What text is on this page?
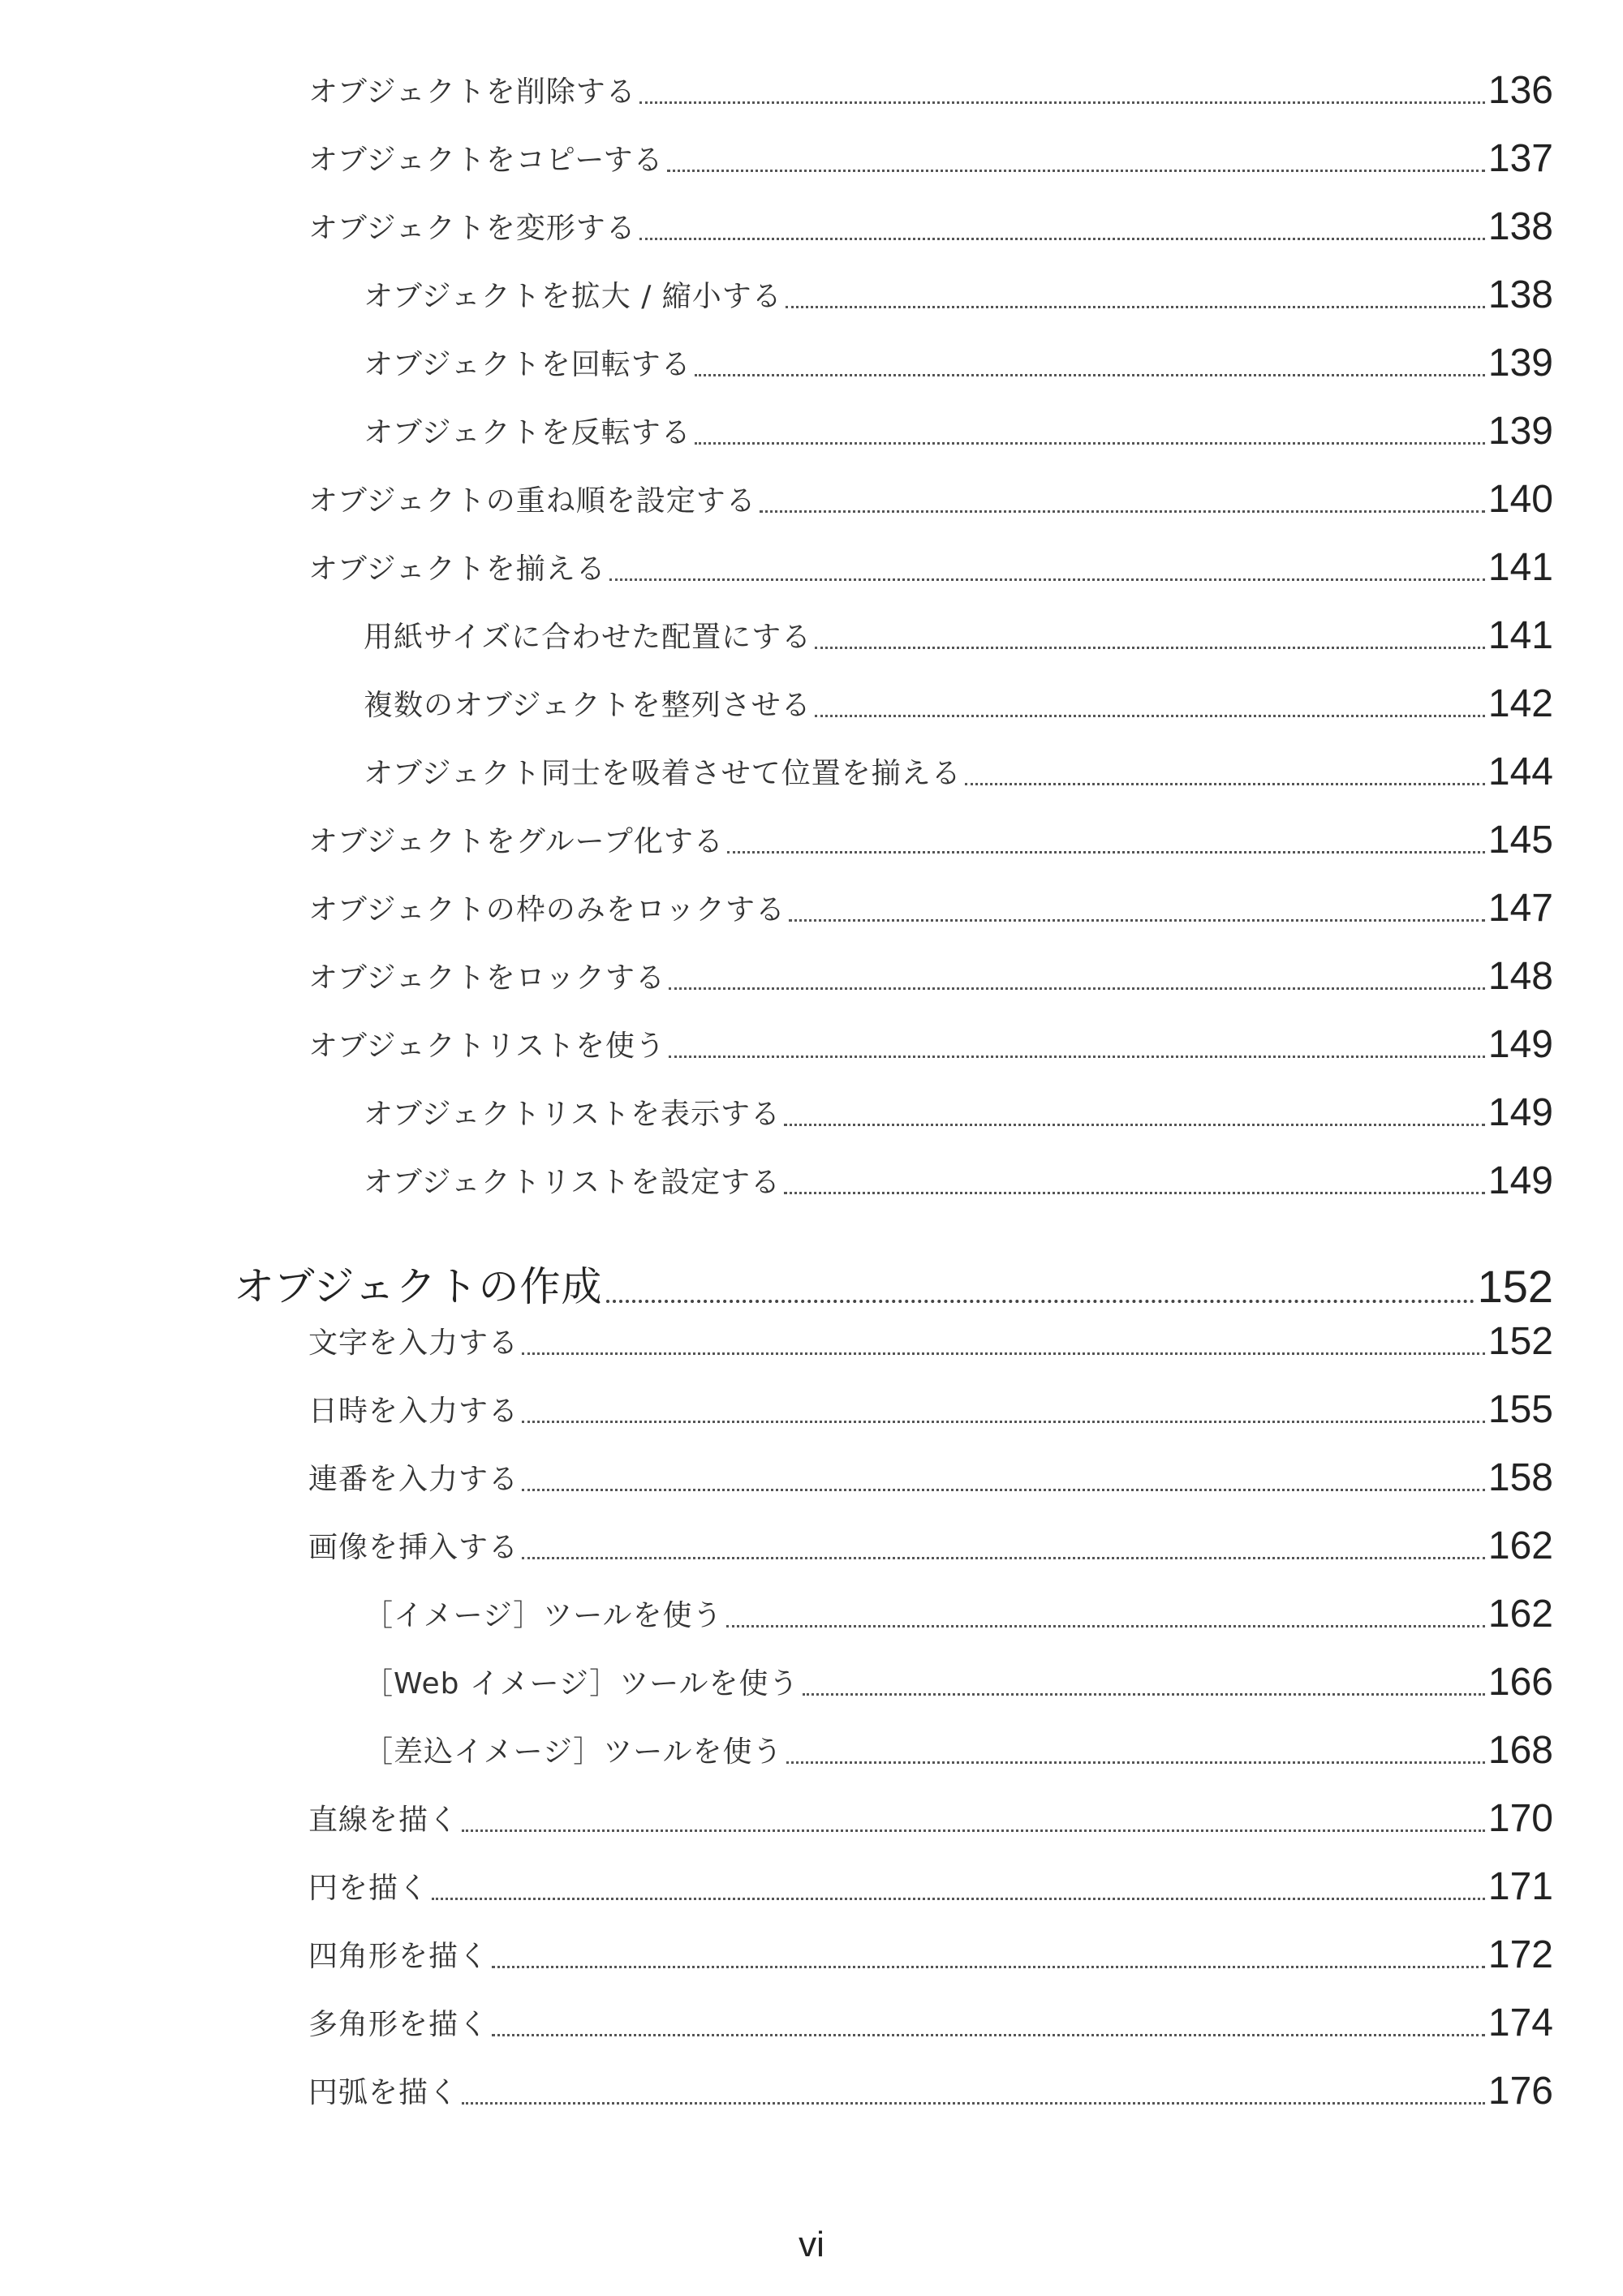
オブジェクトを削除する	136
オブジェクトをコピーする	137
オブジェクトを変形する	138
オブジェクトを拡大 / 縮小する	138
オブジェクトを回転する	139
オブジェクトを反転する	139
オブジェクトの重ね順を設定する	140
オブジェクトを揃える	141
用紙サイズに合わせた配置にする	141
複数のオブジェクトを整列させる	142
オブジェクト同士を吸着させて位置を揃える	144
オブジェクトをグループ化する	145
オブジェクトの枠のみをロックする	147
オブジェクトをロックする	148
オブジェクトリストを使う	149
オブジェクトリストを表示する	149
オブジェクトリストを設定する	149
オブジェクトの作成	152
文字を入力する	152
日時を入力する	155
連番を入力する	158
画像を挿入する	162
［イメージ］ツールを使う	162
［Web イメージ］ツールを使う	166
［差込イメージ］ツールを使う	168
直線を描く	170
円を描く	171
四角形を描く	172
多角形を描く	174
円弧を描く	176
vi
